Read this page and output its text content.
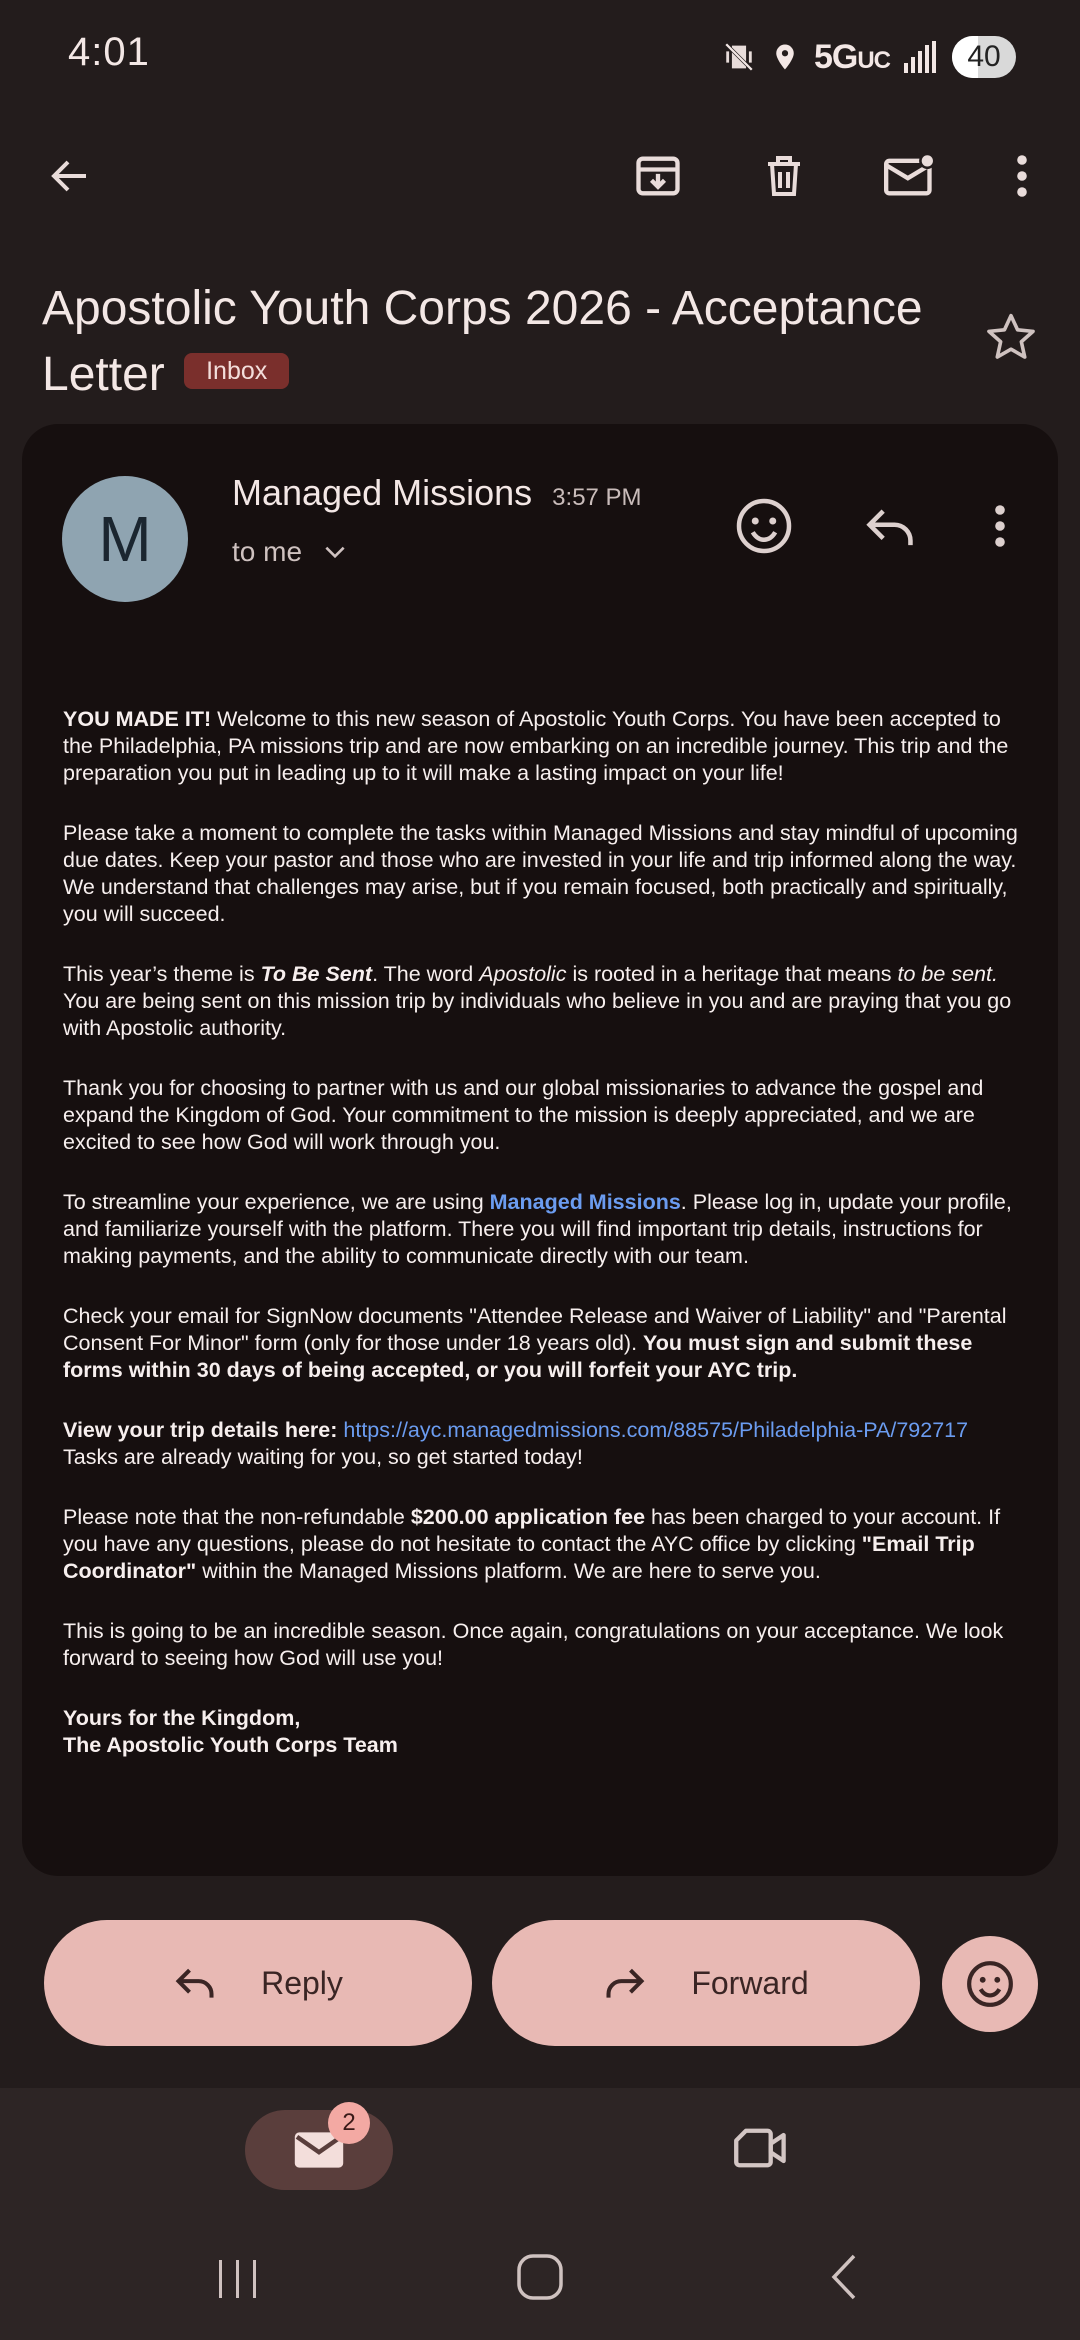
4:01	5GUC	40
Apostolic Youth Corps 2026 - Acceptance Letter Inbox
M
Managed Missions 3:57 PM
to me

YOU MADE IT! Welcome to this new season of Apostolic Youth Corps. You have been accepted to the Philadelphia, PA missions trip and are now embarking on an incredible journey. This trip and the preparation you put in leading up to it will make a lasting impact on your life!

Please take a moment to complete the tasks within Managed Missions and stay mindful of upcoming due dates. Keep your pastor and those who are invested in your life and trip informed along the way. We understand that challenges may arise, but if you remain focused, both practically and spiritually, you will succeed.

This year’s theme is To Be Sent. The word Apostolic is rooted in a heritage that means to be sent. You are being sent on this mission trip by individuals who believe in you and are praying that you go with Apostolic authority.

Thank you for choosing to partner with us and our global missionaries to advance the gospel and expand the Kingdom of God. Your commitment to the mission is deeply appreciated, and we are excited to see how God will work through you.

To streamline your experience, we are using Managed Missions. Please log in, update your profile, and familiarize yourself with the platform. There you will find important trip details, instructions for making payments, and the ability to communicate directly with our team.

Check your email for SignNow documents "Attendee Release and Waiver of Liability" and "Parental Consent For Minor" form (only for those under 18 years old). You must sign and submit these forms within 30 days of being accepted, or you will forfeit your AYC trip.

View your trip details here: https://ayc.managedmissions.com/88575/Philadelphia-PA/792717
Tasks are already waiting for you, so get started today!

Please note that the non-refundable $200.00 application fee has been charged to your account. If you have any questions, please do not hesitate to contact the AYC office by clicking "Email Trip Coordinator" within the Managed Missions platform. We are here to serve you.

This is going to be an incredible season. Once again, congratulations on your acceptance. We look forward to seeing how God will use you!

Yours for the Kingdom,
The Apostolic Youth Corps Team

Reply	Forward
2
